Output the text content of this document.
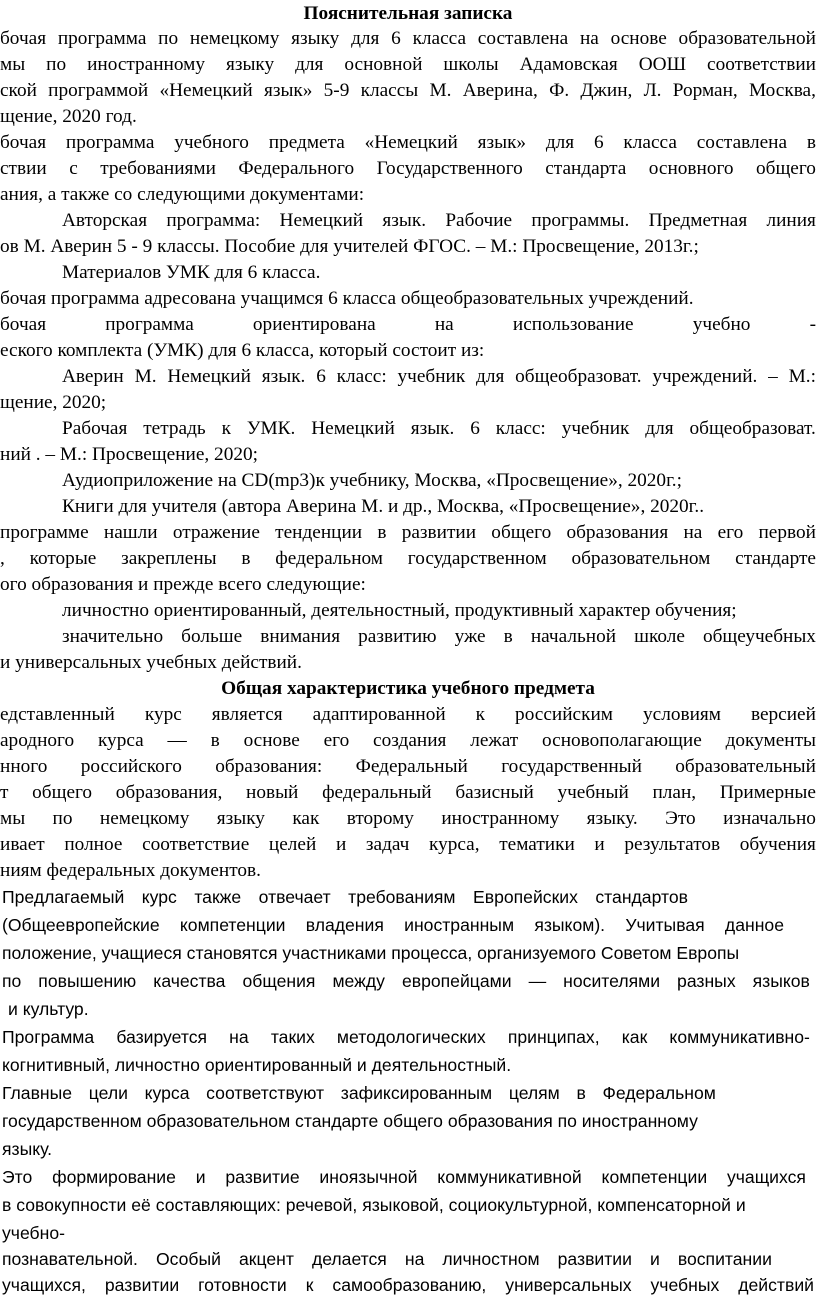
Пояснительная записка
бочая программа по немецкому языку для 6 класса составлена на основе образовательной
мы по иностранному языку для основной школы Адамовская ООШ соответствии
ской программой «Немецкий язык» 5-9 классы М. Аверина, Ф. Джин, Л. Рорман, Москва,
щение, 2020 год.
бочая программа учебного предмета «Немецкий язык» для 6 класса составлена в
ствии с требованиями Федерального Государственного стандарта основного общего
ания, а также со следующими документами:
Авторская программа: Немецкий язык. Рабочие программы. Предметная линия
ов М. Аверин 5 - 9 классы. Пособие для учителей ФГОС. – М.: Просвещение, 2013г.;
Материалов УМК для 6 класса.
бочая программа адресована учащимся 6 класса общеобразовательных учреждений.
бочая	программа	ориентирована	на	использование	учебно	-
еского комплекта (УМК) для 6 класса, который состоит из:
Аверин М. Немецкий язык. 6 класс: учебник для общеобразоват. учреждений. – М.:
щение, 2020;
Рабочая тетрадь к УМК. Немецкий язык. 6 класс: учебник для общеобразоват.
ний . – М.: Просвещение, 2020;
Аудиоприложение на CD(mp3)к учебнику, Москва, «Просвещение», 2020г.;
Книги для учителя (автора Аверина М. и др., Москва, «Просвещение», 2020г..
программе нашли отражение тенденции в развитии общего образования на его первой
, которые закреплены в федеральном государственном образовательном стандарте
ого образования и прежде всего следующие:
личностно ориентированный, деятельностный, продуктивный характер обучения;
значительно больше внимания развитию уже в начальной школе общеучебных
и универсальных учебных действий.
Общая характеристика учебного предмета
едставленный курс является адаптированной к российским условиям версией
ародного курса — в основе его создания лежат основополагающие документы
нного российского образования: Федеральный государственный образовательный
т общего образования, новый федеральный базисный учебный план, Примерные
мы по немецкому языку как второму иностранному языку. Это изначально
ивает полное соответствие целей и задач курса, тематики и результатов обучения
ниям федеральных документов.
Предлагаемый курс также отвечает требованиям Европейских стандартов
(Общеевропейские компетенции владения иностранным языком). Учитывая данное
положение, учащиеся становятся участниками процесса, организуемого Советом Европы
по повышению качества общения между европейцами — носителями разных языков
и культур.
Программа базируется на таких методологических принципах, как коммуникативно-
когнитивный, личностно ориентированный и деятельностный.
Главные цели курса соответствуют зафиксированным целям в Федеральном
государственном образовательном стандарте общего образования по иностранному
языку.
Это формирование и развитие иноязычной коммуникативной компетенции учащихся
в совокупности её составляющих: речевой, языковой, социокультурной, компенсаторной и
учебно-
познавательной. Особый акцент делается на личностном развитии и воспитании
учащихся, развитии готовности к самообразованию, универсальных учебных действий
